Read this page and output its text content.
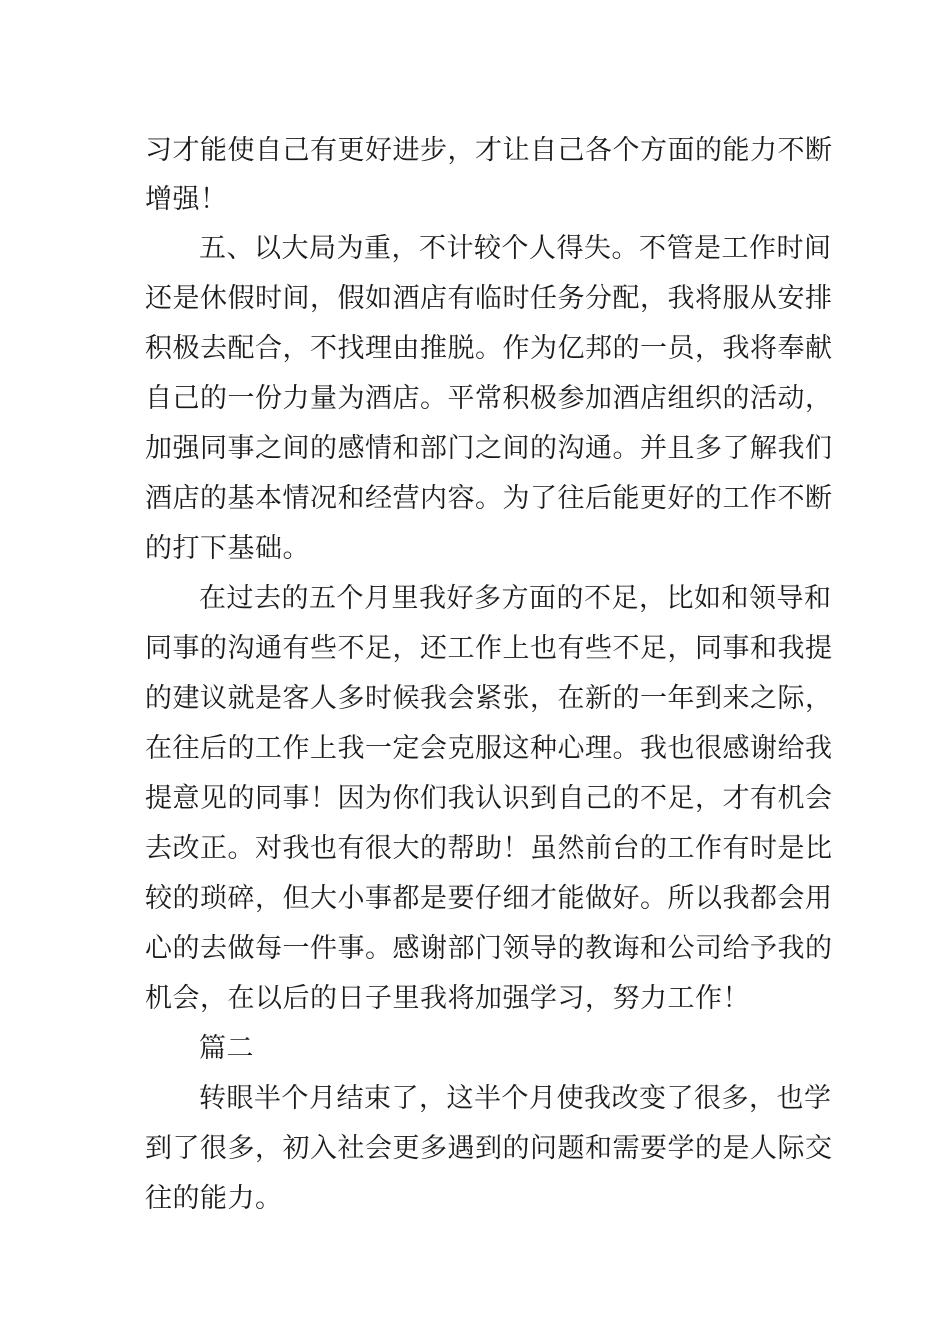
习才能使自己有更好进步，才让自己各个方面的能力不断
增强！
五、以大局为重，不计较个人得失。不管是工作时间
还是休假时间，假如酒店有临时任务分配，我将服从安排
积极去配合，不找理由推脱。作为亿邦的一员，我将奉献
自己的一份力量为酒店。平常积极参加酒店组织的活动，
加强同事之间的感情和部门之间的沟通。并且多了解我们
酒店的基本情况和经营内容。为了往后能更好的工作不断
的打下基础。
在过去的五个月里我好多方面的不足，比如和领导和
同事的沟通有些不足，还工作上也有些不足，同事和我提
的建议就是客人多时候我会紧张，在新的一年到来之际，
在往后的工作上我一定会克服这种心理。我也很感谢给我
提意见的同事！因为你们我认识到自己的不足，才有机会
去改正。对我也有很大的帮助！虽然前台的工作有时是比
较的琐碎，但大小事都是要仔细才能做好。所以我都会用
心的去做每一件事。感谢部门领导的教诲和公司给予我的
机会，在以后的日子里我将加强学习，努力工作！
篇二
转眼半个月结束了，这半个月使我改变了很多，也学
到了很多，初入社会更多遇到的问题和需要学的是人际交
往的能力。
